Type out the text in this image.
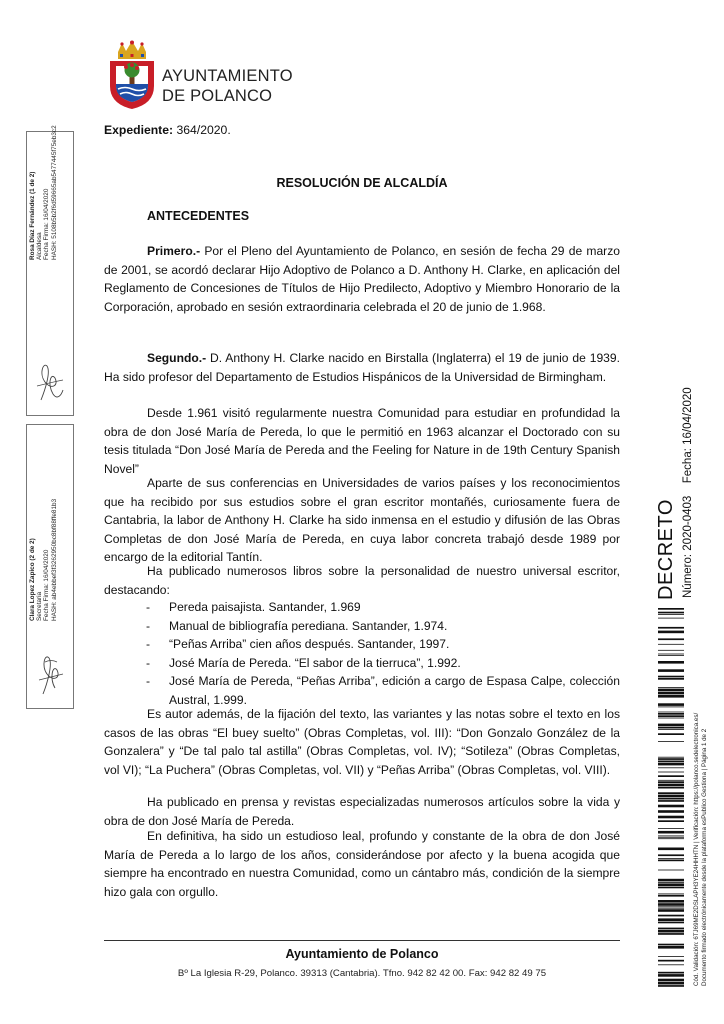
AYUNTAMIENTO
DE POLANCO
Expediente: 364/2020.
RESOLUCIÓN DE ALCALDÍA
ANTECEDENTES
Primero.- Por el Pleno del Ayuntamiento de Polanco, en sesión de fecha 29 de marzo de 2001, se acordó declarar Hijo Adoptivo de Polanco a D. Anthony H. Clarke, en aplicación del Reglamento de Concesiones de Títulos de Hijo Predilecto, Adoptivo y Miembro Honorario de la Corporación, aprobado en sesión extraordinaria celebrada el 20 de junio de 1.968.
Segundo.- D. Anthony H. Clarke nacido en Birstalla (Inglaterra) el 19 de junio de 1939. Ha sido profesor del Departamento de Estudios Hispánicos de la Universidad de Birmingham.
Desde 1.961 visitó regularmente nuestra Comunidad para estudiar en profundidad la obra de don José María de Pereda, lo que le permitió en 1963 alcanzar el Doctorado con su tesis titulada “Don José María de Pereda and the Feeling for Nature in de 19th Century Spanish Novel”
Aparte de sus conferencias en Universidades de varios países y los reconocimientos que ha recibido por sus estudios sobre el gran escritor montañés, curiosamente fuera de Cantabria, la labor de Anthony H. Clarke ha sido inmensa en el estudio y difusión de las Obras Completas de don José María de Pereda, en cuya labor concreta trabajó desde 1989 por encargo de la editorial Tantín.
Ha publicado numerosos libros sobre la personalidad de nuestro universal escritor, destacando:
- Pereda paisajista. Santander, 1.969
- Manual de bibliografía perediana. Santander, 1.974.
- “Peñas Arriba” cien años después. Santander, 1997.
- José María de Pereda. “El sabor de la tierruca”, 1.992.
- José María de Pereda, “Peñas Arriba”, edición a cargo de Espasa Calpe, colección Austral, 1.999.
Es autor además, de la fijación del texto, las variantes y las notas sobre el texto en los casos de las obras “El buey suelto” (Obras Completas, vol. III): “Don Gonzalo González de la Gonzalera” y “De tal palo tal astilla” (Obras Completas, vol. IV); “Sotileza” (Obras Completas, vol VI); “La Puchera” (Obras Completas, vol. VII) y “Peñas Arriba” (Obras Completas, vol. VIII).
Ha publicado en prensa y revistas especializadas numerosos artículos sobre la vida y obra de don José María de Pereda.
En definitiva, ha sido un estudioso leal, profundo y constante de la obra de don José María de Pereda a lo largo de los años, considerándose por afecto y la buena acogida que siempre ha encontrado en nuestra Comunidad, como un cántabro más, condición de la siempre hizo gala con orgullo.
Ayuntamiento de Polanco
Bº La Iglesia R-29, Polanco. 39313 (Cantabria). Tfno. 942 82 42 00. Fax: 942 82 49 75
Rosa Díaz Fernández (1 de 2) Alcaldesa Fecha Firma: 16/04/2020 HASH: 5108b5b2f6d59665ab5477445f75eb3c2
Clara Lopez Zapico (2 de 2) Secretaria Fecha Firma: 16/04/2020 HASH: ab4ebbef3f3262950bc8bf88ffe81b3	DECRETO Número: 2020-0403 Fecha: 16/04/2020
Cód. Validación: 6TJ69ME2DSLAPH3YE24HHHTN | Verificación: https://polanco.sedelectronica.es/ Documento firmado electrónicamente desde la plataforma esPublico Gestiona | Página 1 de 2
